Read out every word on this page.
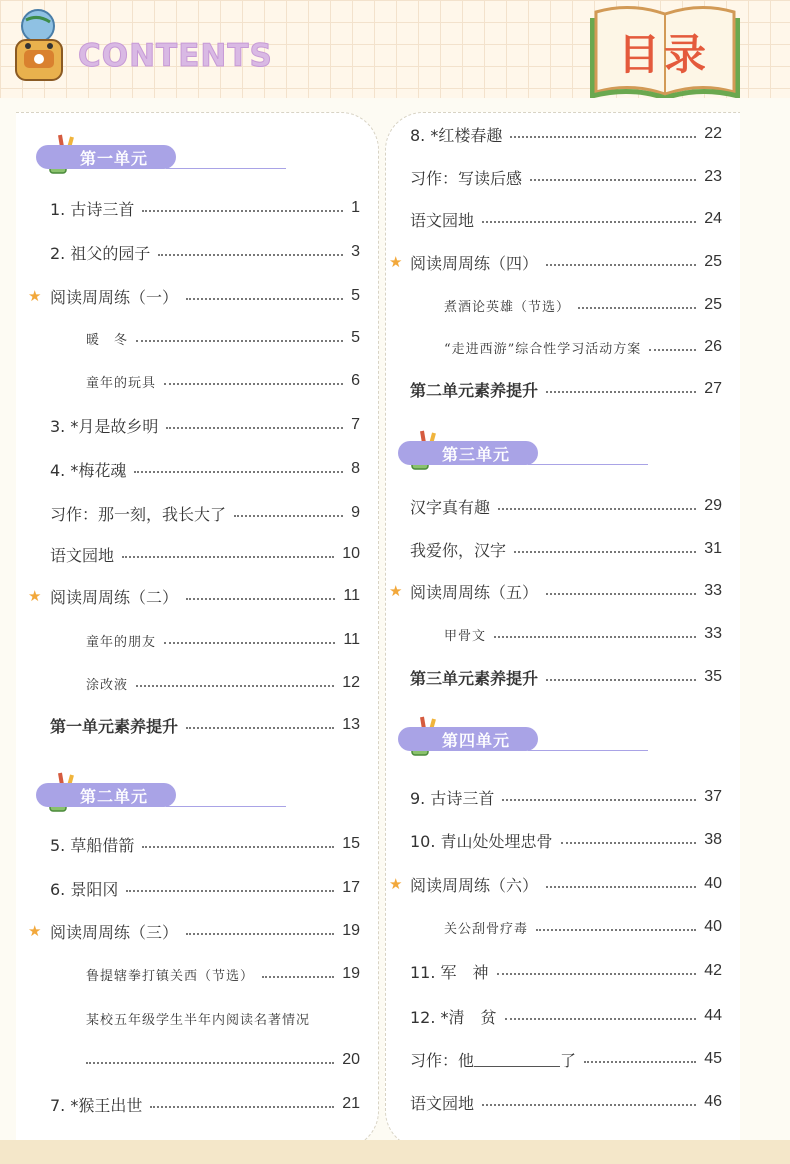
CONTENTS	目录
第一单元
1. 古诗三首	1
2. 祖父的园子	3
★ 阅读周周练（一）	5
暖　冬	5
童年的玩具	6
3. *月是故乡明	7
4. *梅花魂	8
习作：那一刻，我长大了	9
语文园地	10
★ 阅读周周练（二）	11
童年的朋友	11
涂改液	12
第一单元素养提升	13
第二单元
5. 草船借箭	15
6. 景阳冈	17
★ 阅读周周练（三）	19
鲁提辖拳打镇关西（节选）	19
某校五年级学生半年内阅读名著情况
20
7. *猴王出世	21
8. *红楼春趣	22
习作：写读后感	23
语文园地	24
★ 阅读周周练（四）	25
煮酒论英雄（节选）	25
“走进西游”综合性学习活动方案	26
第二单元素养提升	27
第三单元
汉字真有趣	29
我爱你，汉字	31
★ 阅读周周练（五）	33
甲骨文	33
第三单元素养提升	35
第四单元
9. 古诗三首	37
10. 青山处处埋忠骨	38
★ 阅读周周练（六）	40
关公刮骨疗毒	40
11. 军　神	42
12. *清　贫	44
习作：他	了	45
语文园地	46
